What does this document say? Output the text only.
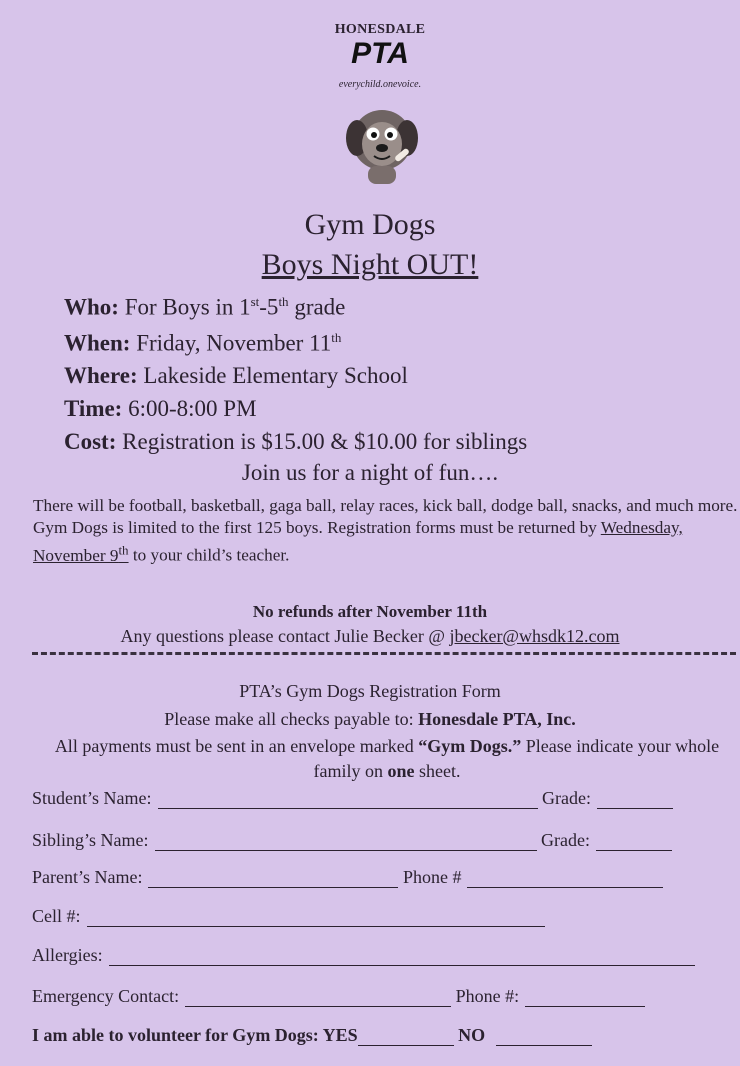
HONESDALE
PTA
everychild.onevoice.
Gym Dogs
Boys Night OUT!
Who: For Boys in 1st-5th grade
When: Friday, November 11th
Where: Lakeside Elementary School
Time: 6:00-8:00 PM
Cost: Registration is $15.00 & $10.00 for siblings
Join us for a night of fun….
There will be football, basketball, gaga ball, relay races, kick ball, dodge ball, snacks, and much more. Gym Dogs is limited to the first 125 boys. Registration forms must be returned by Wednesday, November 9th to your child’s teacher.
No refunds after November 11th
Any questions please contact Julie Becker @ jbecker@whsdk12.com
PTA’s Gym Dogs Registration Form
Please make all checks payable to: Honesdale PTA, Inc.
All payments must be sent in an envelope marked “Gym Dogs.” Please indicate your whole family on one sheet.
Student’s Name:	Grade:
Sibling’s Name:	Grade:
Parent’s Name:	Phone #
Cell #:
Allergies:
Emergency Contact:	Phone #:
I am able to volunteer for Gym Dogs: YES	NO
